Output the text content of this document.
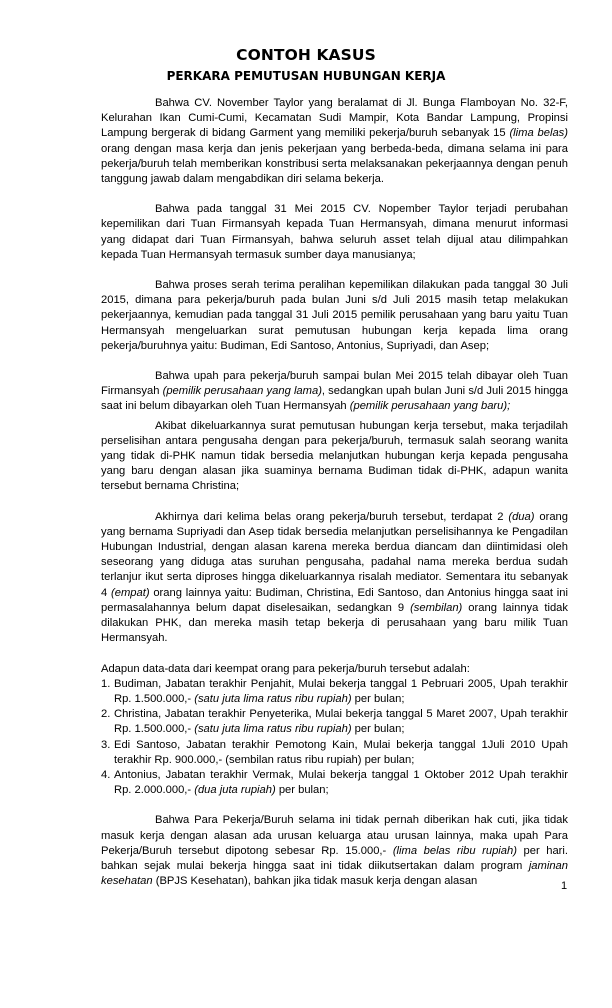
CONTOH KASUS
PERKARA PEMUTUSAN HUBUNGAN KERJA

Bahwa CV. November Taylor yang beralamat di Jl. Bunga Flamboyan No. 32-F, Kelurahan Ikan Cumi-Cumi, Kecamatan Sudi Mampir, Kota Bandar Lampung, Propinsi Lampung bergerak di bidang Garment yang memiliki pekerja/buruh sebanyak 15 (lima belas) orang dengan masa kerja dan jenis pekerjaan yang berbeda-beda, dimana selama ini para pekerja/buruh telah memberikan konstribusi serta melaksanakan pekerjaannya dengan penuh tanggung jawab dalam mengabdikan diri selama bekerja.

Bahwa pada tanggal 31 Mei 2015 CV. Nopember Taylor terjadi perubahan kepemilikan dari Tuan Firmansyah kepada Tuan Hermansyah, dimana menurut informasi yang didapat dari Tuan Firmansyah, bahwa seluruh asset telah dijual atau dilimpahkan kepada Tuan Hermansyah termasuk sumber daya manusianya;

Bahwa proses serah terima peralihan kepemilikan dilakukan pada tanggal 30 Juli 2015, dimana para pekerja/buruh pada bulan Juni s/d Juli 2015 masih tetap melakukan pekerjaannya, kemudian pada tanggal 31 Juli 2015 pemilik perusahaan yang baru yaitu Tuan Hermansyah mengeluarkan surat pemutusan hubungan kerja kepada lima orang pekerja/buruhnya yaitu: Budiman, Edi Santoso, Antonius, Supriyadi, dan Asep;

Bahwa upah para pekerja/buruh sampai bulan Mei 2015 telah dibayar oleh Tuan Firmansyah (pemilik perusahaan yang lama), sedangkan upah bulan Juni s/d Juli 2015 hingga saat ini belum dibayarkan oleh Tuan Hermansyah (pemilik perusahaan yang baru);

Akibat dikeluarkannya surat pemutusan hubungan kerja tersebut, maka terjadilah perselisihan antara pengusaha dengan para pekerja/buruh, termasuk salah seorang wanita yang tidak di-PHK namun tidak bersedia melanjutkan hubungan kerja kepada pengusaha yang baru dengan alasan jika suaminya bernama Budiman tidak di-PHK, adapun wanita tersebut bernama Christina;

Akhirnya dari kelima belas orang pekerja/buruh tersebut, terdapat 2 (dua) orang yang bernama Supriyadi dan Asep tidak bersedia melanjutkan perselisihannya ke Pengadilan Hubungan Industrial, dengan alasan karena mereka berdua diancam dan diintimidasi oleh seseorang yang diduga atas suruhan pengusaha, padahal nama mereka berdua sudah terlanjur ikut serta diproses hingga dikeluarkannya risalah mediator. Sementara itu sebanyak 4 (empat) orang lainnya yaitu: Budiman, Christina, Edi Santoso, dan Antonius hingga saat ini permasalahannya belum dapat diselesaikan, sedangkan 9 (sembilan) orang lainnya tidak dilakukan PHK, dan mereka masih tetap bekerja di perusahaan yang baru milik Tuan Hermansyah.

Adapun data-data dari keempat orang para pekerja/buruh tersebut adalah:

1. Budiman, Jabatan terakhir Penjahit, Mulai bekerja tanggal 1 Pebruari 2005, Upah terakhir Rp. 1.500.000,- (satu juta lima ratus ribu rupiah) per bulan;
2. Christina, Jabatan terakhir Penyeterika, Mulai bekerja tanggal 5 Maret 2007, Upah terakhir Rp. 1.500.000,- (satu juta lima ratus ribu rupiah) per bulan;
3. Edi Santoso, Jabatan terakhir Pemotong Kain, Mulai bekerja tanggal 1Juli 2010 Upah terakhir Rp. 900.000,- (sembilan ratus ribu rupiah) per bulan;
4. Antonius, Jabatan terakhir Vermak, Mulai bekerja tanggal 1 Oktober 2012 Upah terakhir Rp. 2.000.000,- (dua juta rupiah) per bulan;

Bahwa Para Pekerja/Buruh selama ini tidak pernah diberikan hak cuti, jika tidak masuk kerja dengan alasan ada urusan keluarga atau urusan lainnya, maka upah Para Pekerja/Buruh tersebut dipotong sebesar Rp. 15.000,- (lima belas ribu rupiah) per hari. bahkan sejak mulai bekerja hingga saat ini tidak diikutsertakan dalam program jaminan kesehatan (BPJS Kesehatan), bahkan jika tidak masuk kerja dengan alasan	1
